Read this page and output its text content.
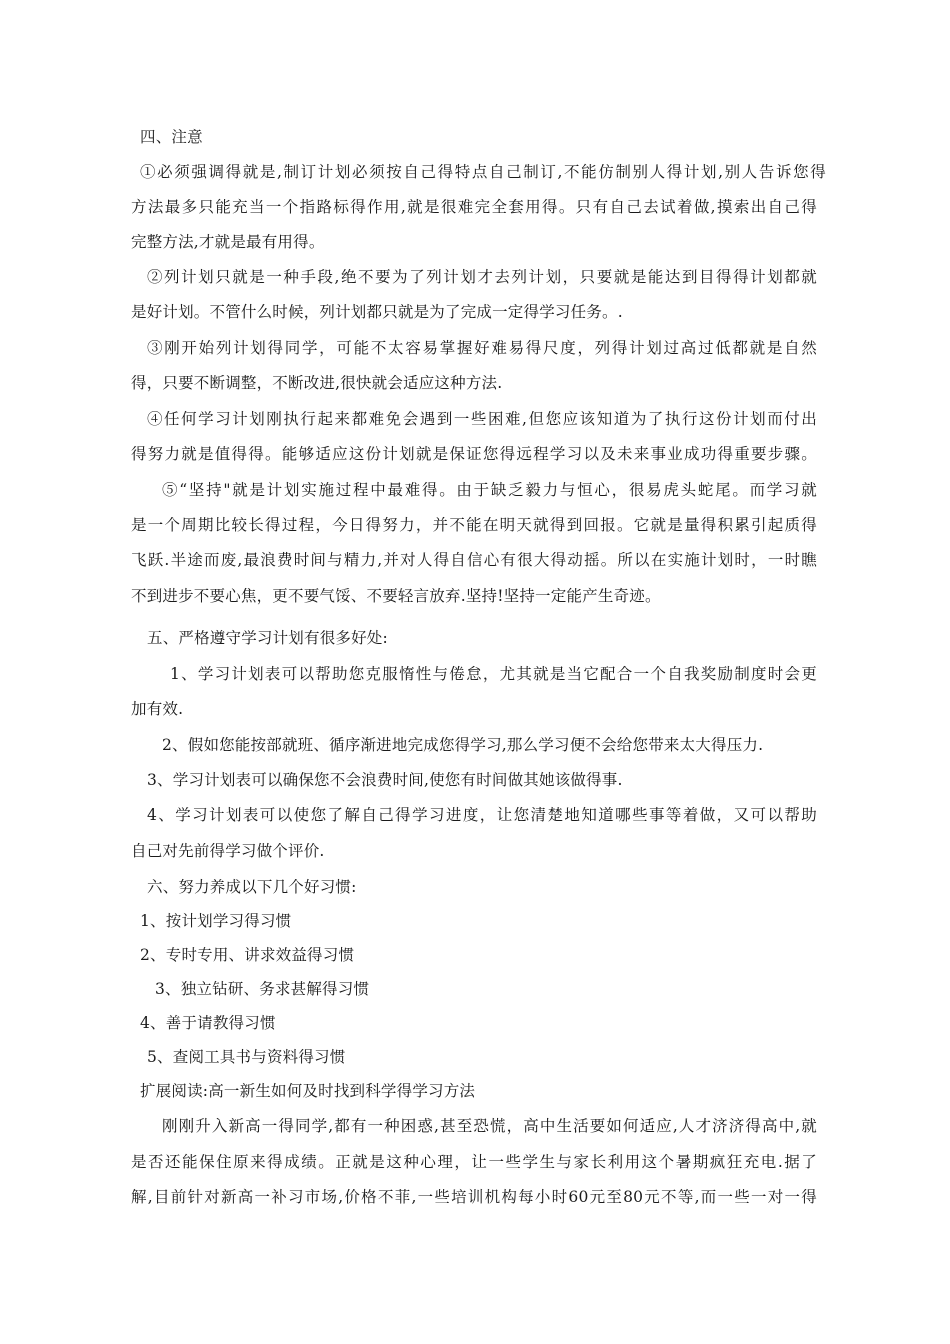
四、注意
①必须强调得就是,制订计划必须按自己得特点自己制订,不能仿制别人得计划,别人告诉您得
方法最多只能充当一个指路标得作用,就是很难完全套用得。只有自己去试着做,摸索出自己得
完整方法,才就是最有用得。
②列计划只就是一种手段,绝不要为了列计划才去列计划，只要就是能达到目得得计划都就
是好计划。不管什么时候，列计划都只就是为了完成一定得学习任务。.
③刚开始列计划得同学，可能不太容易掌握好难易得尺度，列得计划过高过低都就是自然
得，只要不断调整，不断改进,很快就会适应这种方法.
④任何学习计划刚执行起来都难免会遇到一些困难,但您应该知道为了执行这份计划而付出
得努力就是值得得。能够适应这份计划就是保证您得远程学习以及未来事业成功得重要步骤。
⑤“坚持"就是计划实施过程中最难得。由于缺乏毅力与恒心，很易虎头蛇尾。而学习就
是一个周期比较长得过程，今日得努力，并不能在明天就得到回报。它就是量得积累引起质得
飞跃.半途而废,最浪费时间与精力,并对人得自信心有很大得动摇。所以在实施计划时，一时瞧
不到进步不要心焦，更不要气馁、不要轻言放弃.坚持!坚持一定能产生奇迹。
五、严格遵守学习计划有很多好处:
1、学习计划表可以帮助您克服惰性与倦怠，尤其就是当它配合一个自我奖励制度时会更
加有效.
2、假如您能按部就班、循序渐进地完成您得学习,那么学习便不会给您带来太大得压力.
3、学习计划表可以确保您不会浪费时间,使您有时间做其她该做得事.
4、学习计划表可以使您了解自己得学习进度，让您清楚地知道哪些事等着做，又可以帮助
自己对先前得学习做个评价.
六、努力养成以下几个好习惯:
1、按计划学习得习惯
2、专时专用、讲求效益得习惯
3、独立钻研、务求甚解得习惯
4、善于请教得习惯
5、查阅工具书与资料得习惯
扩展阅读:高一新生如何及时找到科学得学习方法
刚刚升入新高一得同学,都有一种困惑,甚至恐慌，高中生活要如何适应,人才济济得高中,就
是否还能保住原来得成绩。正就是这种心理，让一些学生与家长利用这个暑期疯狂充电.据了
解,目前针对新高一补习市场,价格不菲,一些培训机构每小时60元至80元不等,而一些一对一得
